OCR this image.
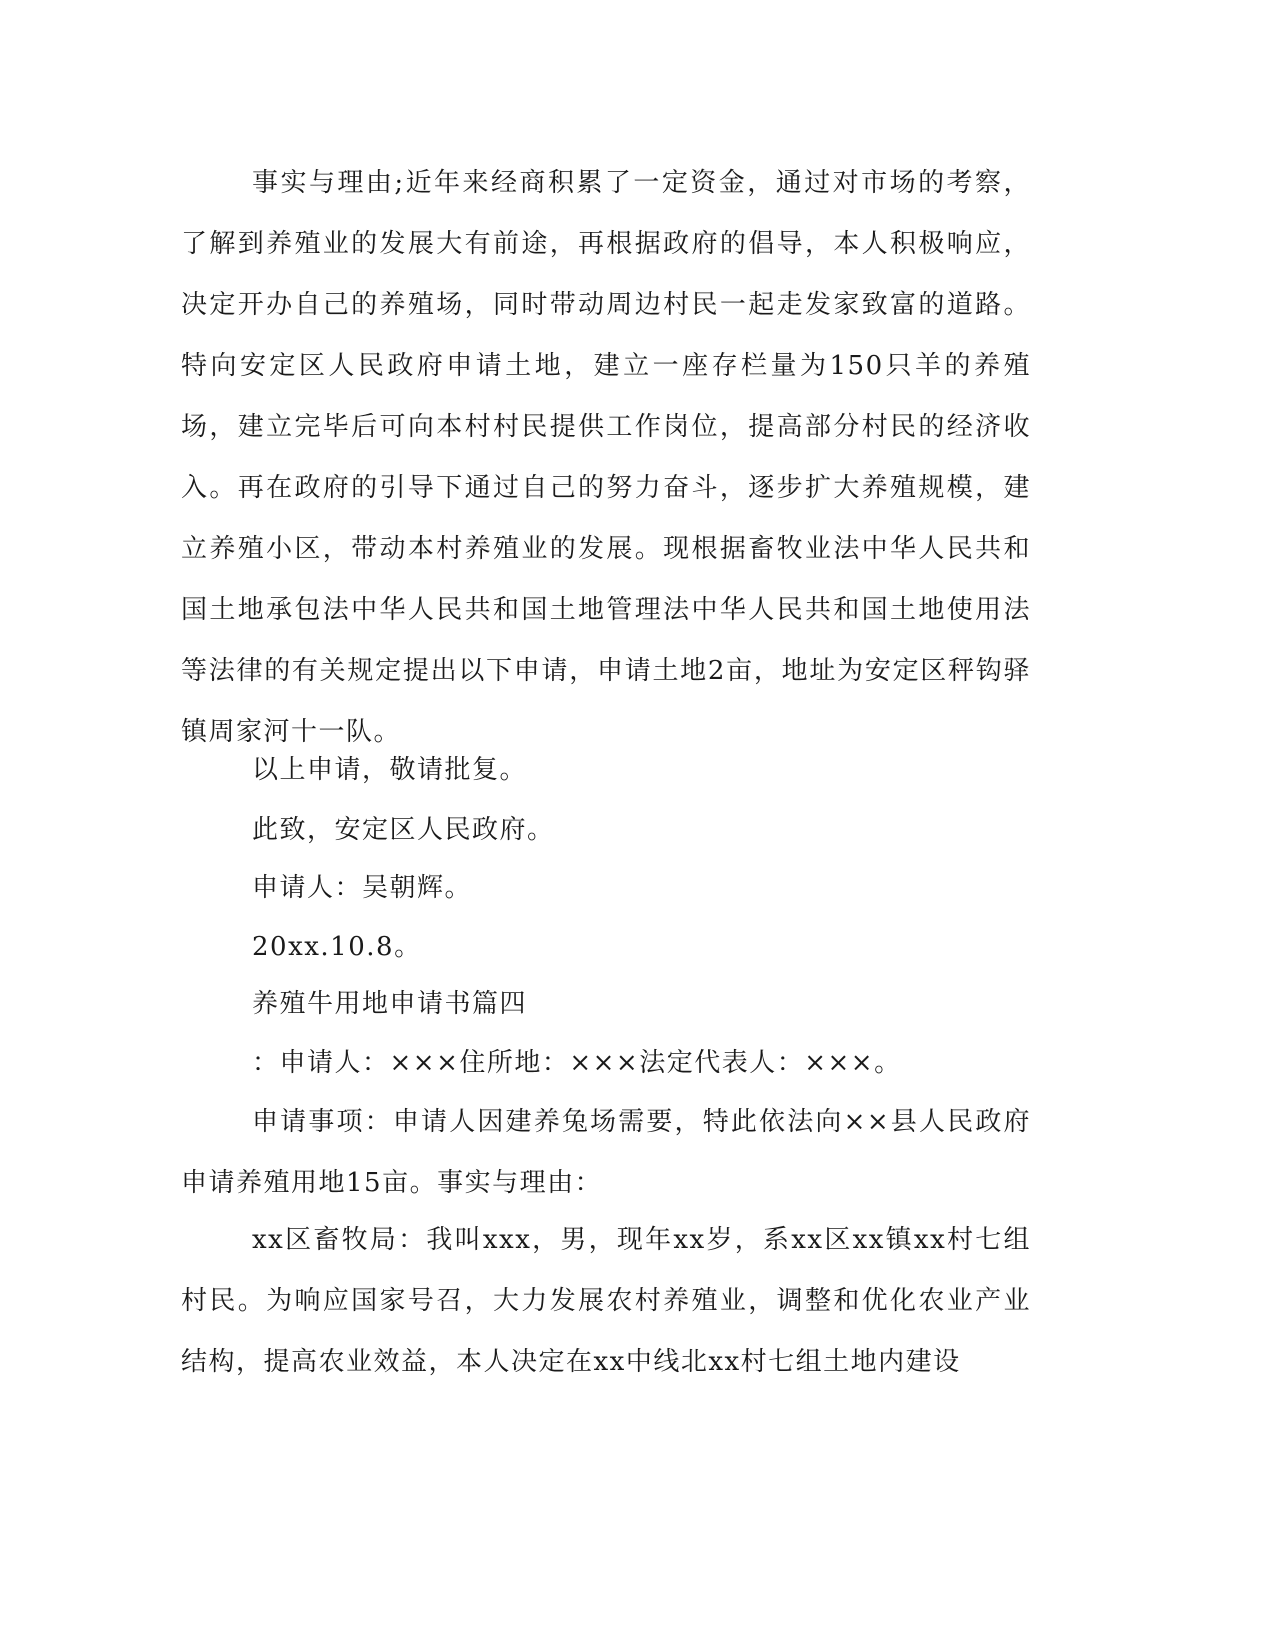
事实与理由;近年来经商积累了一定资金，通过对市场的考察，了解到养殖业的发展大有前途，再根据政府的倡导，本人积极响应，决定开办自己的养殖场，同时带动周边村民一起走发家致富的道路。特向安定区人民政府申请土地，建立一座存栏量为150只羊的养殖场，建立完毕后可向本村村民提供工作岗位，提高部分村民的经济收入。再在政府的引导下通过自己的努力奋斗，逐步扩大养殖规模，建立养殖小区，带动本村养殖业的发展。现根据畜牧业法中华人民共和国土地承包法中华人民共和国土地管理法中华人民共和国土地使用法等法律的有关规定提出以下申请，申请土地2亩，地址为安定区秤钩驿镇周家河十一队。

以上申请，敬请批复。

此致，安定区人民政府。

申请人：吴朝辉。

20xx.10.8。

养殖牛用地申请书篇四

：申请人：×××住所地：×××法定代表人：×××。

申请事项：申请人因建养兔场需要，特此依法向××县人民政府申请养殖用地15亩。事实与理由：

xx区畜牧局：我叫xxx，男，现年xx岁，系xx区xx镇xx村七组村民。为响应国家号召，大力发展农村养殖业，调整和优化农业产业结构，提高农业效益，本人决定在xx中线北xx村七组土地内建设
